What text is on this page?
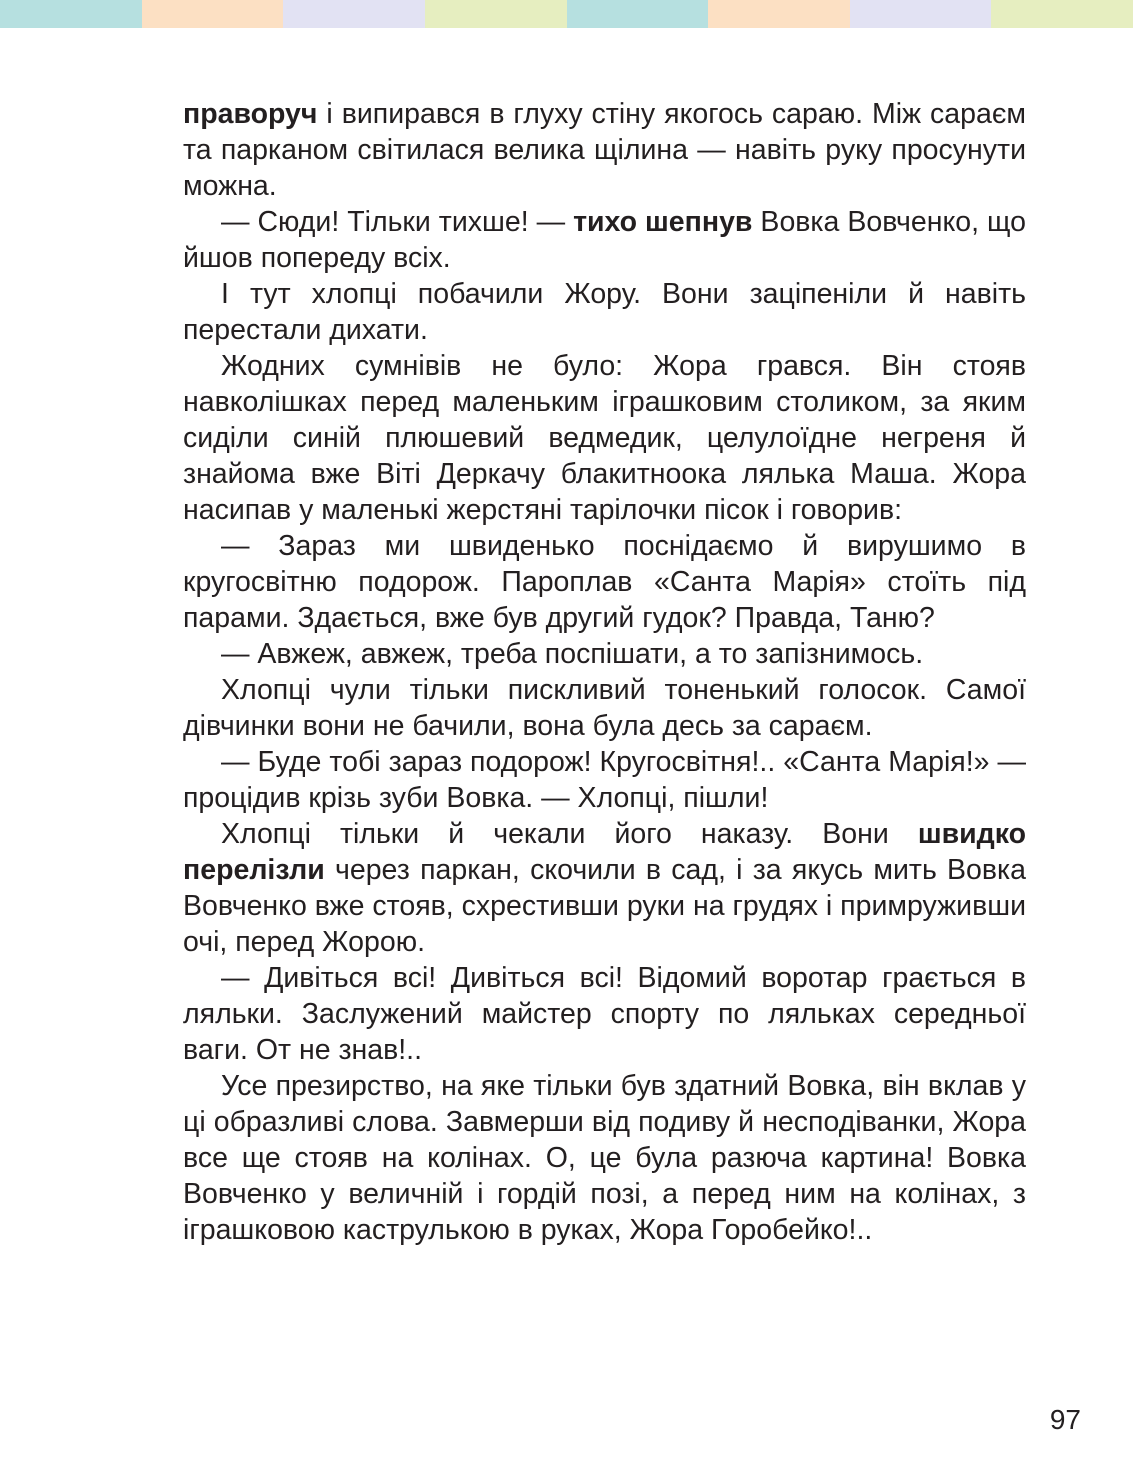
праворуч і випирався в глуху стіну якогось сараю. Між сараєм та парканом світилася велика щілина — навіть руку просунути можна.

— Сюди! Тільки тихше! — тихо шепнув Вовка Вовченко, що йшов попереду всіх.

І тут хлопці побачили Жору. Вони заціпеніли й навіть перестали дихати.

Жодних сумнівів не було: Жора грався. Він стояв навколішках перед маленьким іграшковим столиком, за яким сиділи синій плюшевий ведмедик, целулоїдне негреня й знайома вже Віті Деркачу блакитноока лялька Маша. Жора насипав у маленькі жерстяні тарілочки пісок і говорив:

— Зараз ми швиденько поснідаємо й вирушимо в кругосвітню подорож. Пароплав «Санта Марія» стоїть під парами. Здається, вже був другий гудок? Правда, Таню?

— Авжеж, авжеж, треба поспішати, а то запізнимось.

Хлопці чули тільки пискливий тоненький голосок. Самої дівчинки вони не бачили, вона була десь за сараєм.

— Буде тобі зараз подорож! Кругосвітня!.. «Санта Марія!» — процідив крізь зуби Вовка. — Хлопці, пішли!

Хлопці тільки й чекали його наказу. Вони швидко перелізли через паркан, скочили в сад, і за якусь мить Вовка Вовченко вже стояв, схрестивши руки на грудях і примруживши очі, перед Жорою.

— Дивіться всі! Дивіться всі! Відомий воротар грається в ляльки. Заслужений майстер спорту по ляльках середньої ваги. От не знав!..

Усе презирство, на яке тільки був здатний Вовка, він вклав у ці образливі слова. Завмерши від подиву й несподіванки, Жора все ще стояв на колінах. О, це була разюча картина! Вовка Вовченко у величній і гордій позі, а перед ним на колінах, з іграшковою каструлькою в руках, Жора Горобейко!..

97
